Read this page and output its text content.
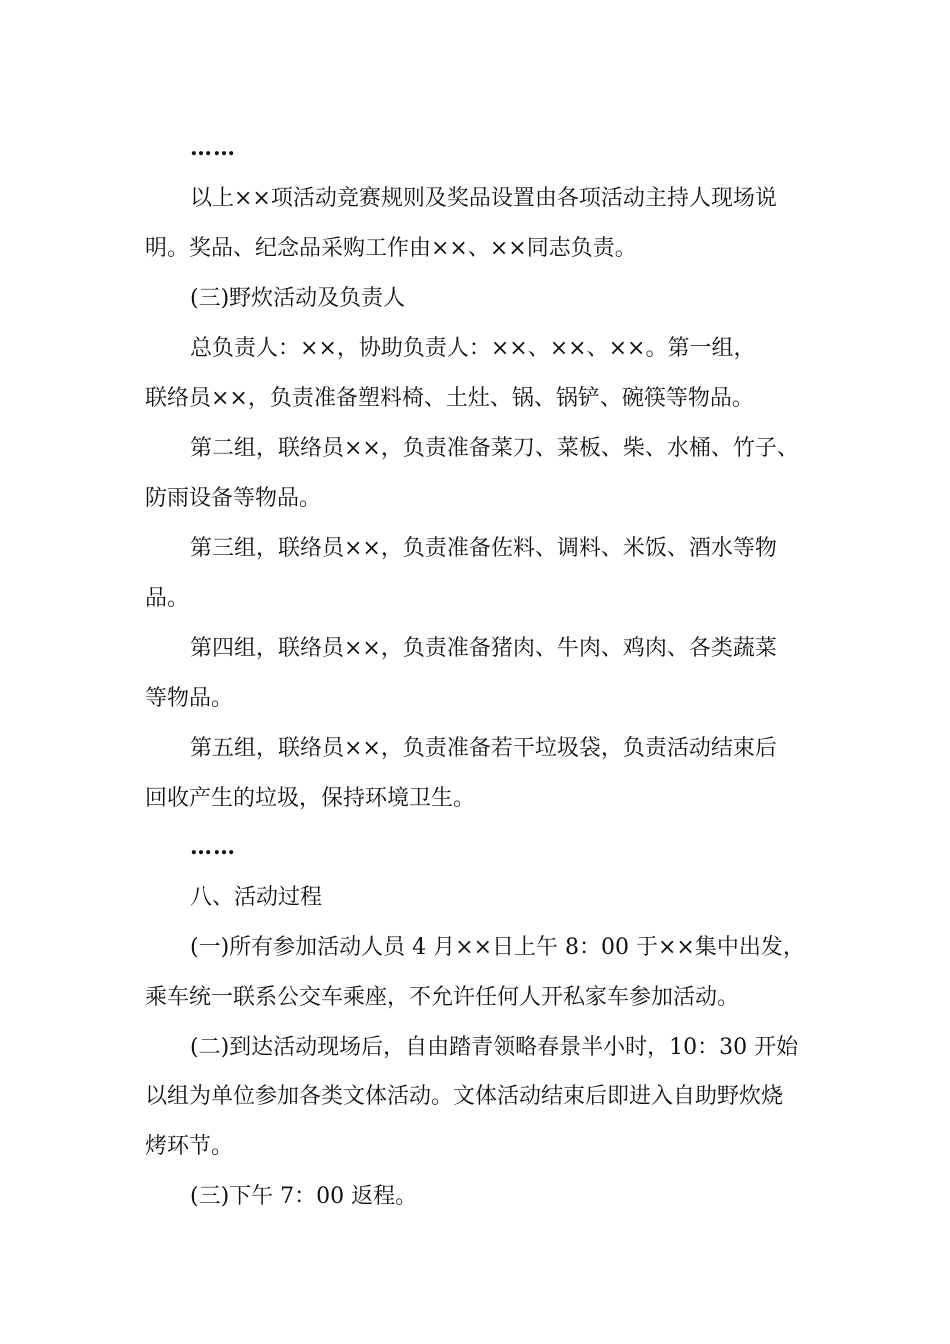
……
以上××项活动竞赛规则及奖品设置由各项活动主持人现场说
明。奖品、纪念品采购工作由××、××同志负责。
(三)野炊活动及负责人
总负责人：××，协助负责人：××、××、××。第一组，
联络员××，负责准备塑料椅、土灶、锅、锅铲、碗筷等物品。
第二组，联络员××，负责准备菜刀、菜板、柴、水桶、竹子、
防雨设备等物品。
第三组，联络员××，负责准备佐料、调料、米饭、酒水等物
品。
第四组，联络员××，负责准备猪肉、牛肉、鸡肉、各类蔬菜
等物品。
第五组，联络员××，负责准备若干垃圾袋，负责活动结束后
回收产生的垃圾，保持环境卫生。
……
八、活动过程
(一)所有参加活动人员 4 月××日上午 8：00 于××集中出发，
乘车统一联系公交车乘座，不允许任何人开私家车参加活动。
(二)到达活动现场后，自由踏青领略春景半小时，10：30 开始
以组为单位参加各类文体活动。文体活动结束后即进入自助野炊烧
烤环节。
(三)下午 7：00 返程。
